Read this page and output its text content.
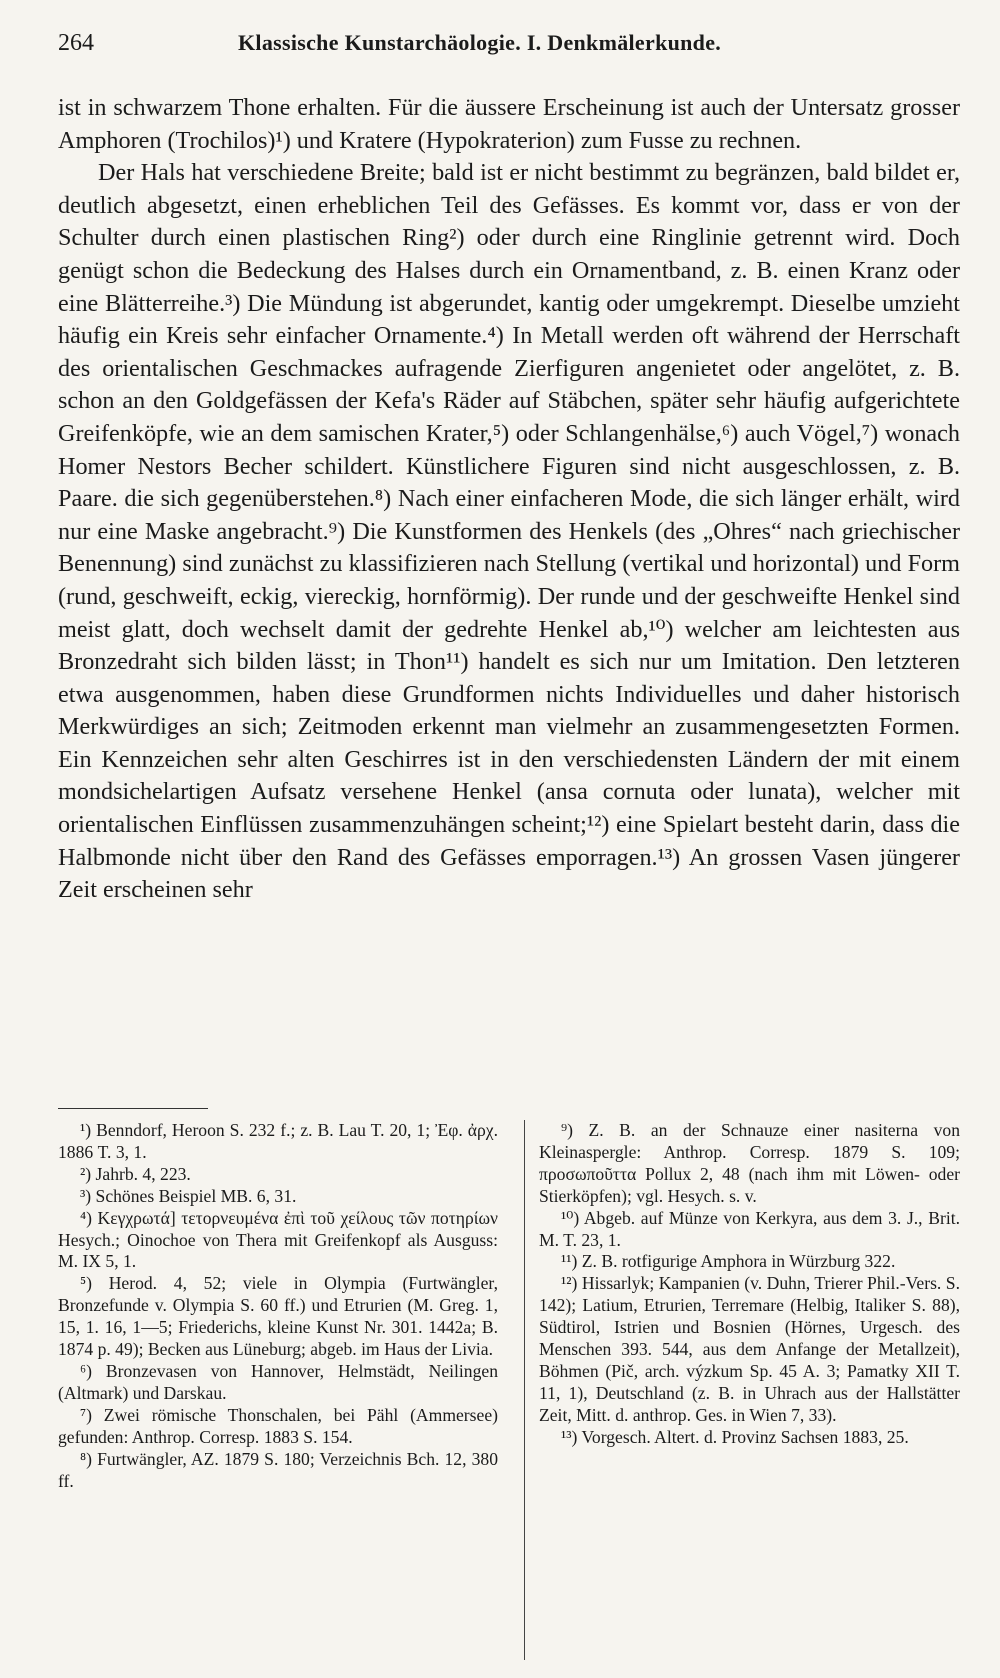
264	Klassische Kunstarchäologie. I. Denkmälerkunde.

ist in schwarzem Thone erhalten. Für die äussere Erscheinung ist auch der Untersatz grosser Amphoren (Trochilos)¹) und Kratere (Hypokraterion) zum Fusse zu rechnen.

Der Hals hat verschiedene Breite; bald ist er nicht bestimmt zu begränzen, bald bildet er, deutlich abgesetzt, einen erheblichen Teil des Gefässes. Es kommt vor, dass er von der Schulter durch einen plastischen Ring²) oder durch eine Ringlinie getrennt wird. Doch genügt schon die Bedeckung des Halses durch ein Ornamentband, z. B. einen Kranz oder eine Blätterreihe.³) Die Mündung ist abgerundet, kantig oder umgekrempt. Dieselbe umzieht häufig ein Kreis sehr einfacher Ornamente.⁴) In Metall werden oft während der Herrschaft des orientalischen Geschmackes aufragende Zierfiguren angenietet oder angelötet, z. B. schon an den Goldgefässen der Kefa's Räder auf Stäbchen, später sehr häufig aufgerichtete Greifenköpfe, wie an dem samischen Krater,⁵) oder Schlangenhälse,⁶) auch Vögel,⁷) wonach Homer Nestors Becher schildert. Künstlichere Figuren sind nicht ausgeschlossen, z. B. Paare. die sich gegenüberstehen.⁸) Nach einer einfacheren Mode, die sich länger erhält, wird nur eine Maske angebracht.⁹) Die Kunstformen des Henkels (des „Ohres“ nach griechischer Benennung) sind zunächst zu klassifizieren nach Stellung (vertikal und horizontal) und Form (rund, geschweift, eckig, viereckig, hornförmig). Der runde und der geschweifte Henkel sind meist glatt, doch wechselt damit der gedrehte Henkel ab,¹⁰) welcher am leichtesten aus Bronzedraht sich bilden lässt; in Thon¹¹) handelt es sich nur um Imitation. Den letzteren etwa ausgenommen, haben diese Grundformen nichts Individuelles und daher historisch Merkwürdiges an sich; Zeitmoden erkennt man vielmehr an zusammengesetzten Formen. Ein Kennzeichen sehr alten Geschirres ist in den verschiedensten Ländern der mit einem mondsichelartigen Aufsatz versehene Henkel (ansa cornuta oder lunata), welcher mit orientalischen Einflüssen zusammenzuhängen scheint;¹²) eine Spielart besteht darin, dass die Halbmonde nicht über den Rand des Gefässes emporragen.¹³) An grossen Vasen jüngerer Zeit erscheinen sehr

¹) Benndorf, Heroon S. 232 f.; z. B. Lau T. 20, 1; Ἐφ. ἀρχ. 1886 T. 3, 1.

²) Jahrb. 4, 223.

³) Schönes Beispiel MB. 6, 31.

⁴) Κεγχρωτά] τετορνευμένα ἐπὶ τοῦ χείλους τῶν ποτηρίων Hesych.; Oinochoe von Thera mit Greifenkopf als Ausguss: M. IX 5, 1.

⁵) Herod. 4, 52; viele in Olympia (Furtwängler, Bronzefunde v. Olympia S. 60 ff.) und Etrurien (M. Greg. 1, 15, 1. 16, 1—5; Friederichs, kleine Kunst Nr. 301. 1442a; B. 1874 p. 49); Becken aus Lüneburg; abgeb. im Haus der Livia.

⁶) Bronzevasen von Hannover, Helmstädt, Neilingen (Altmark) und Darskau.

⁷) Zwei römische Thonschalen, bei Pähl (Ammersee) gefunden: Anthrop. Corresp. 1883 S. 154.

⁸) Furtwängler, AZ. 1879 S. 180; Verzeichnis Bch. 12, 380 ff.

⁹) Z. B. an der Schnauze einer nasiterna von Kleinaspergle: Anthrop. Corresp. 1879 S. 109; προσωποῦττα Pollux 2, 48 (nach ihm mit Löwen- oder Stierköpfen); vgl. Hesych. s. v.

¹⁰) Abgeb. auf Münze von Kerkyra, aus dem 3. J., Brit. M. T. 23, 1.

¹¹) Z. B. rotfigurige Amphora in Würzburg 322.

¹²) Hissarlyk; Kampanien (v. Duhn, Trierer Phil.-Vers. S. 142); Latium, Etrurien, Terremare (Helbig, Italiker S. 88), Südtirol, Istrien und Bosnien (Hörnes, Urgesch. des Menschen 393. 544, aus dem Anfange der Metallzeit), Böhmen (Pič, arch. výzkum Sp. 45 A. 3; Pamatky XII T. 11, 1), Deutschland (z. B. in Uhrach aus der Hallstätter Zeit, Mitt. d. anthrop. Ges. in Wien 7, 33).

¹³) Vorgesch. Altert. d. Provinz Sachsen 1883, 25.
